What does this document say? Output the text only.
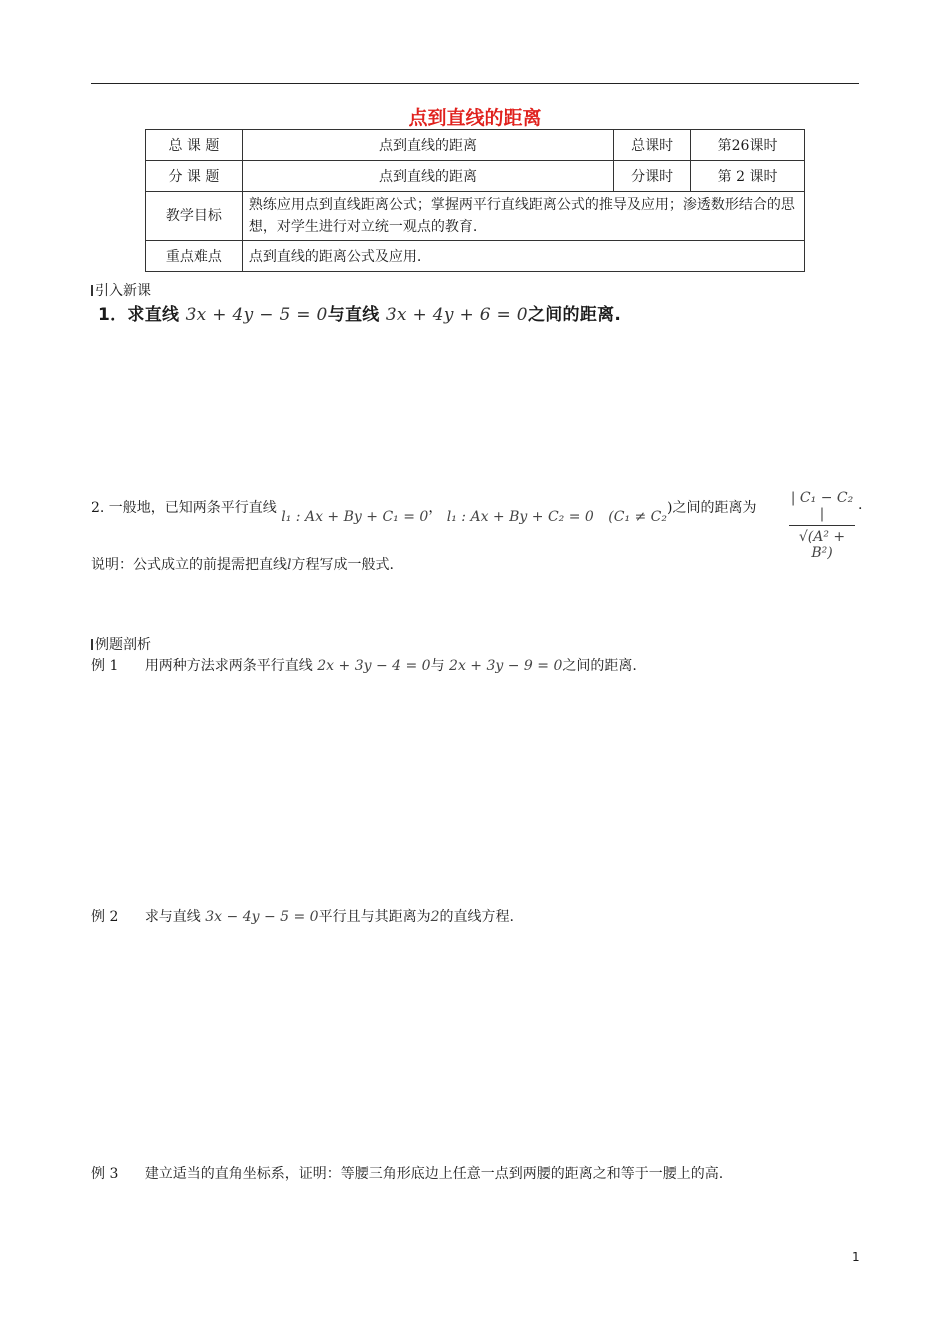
点到直线的距离
总 课 题	点到直线的距离	总课时	第26课时
分 课 题	点到直线的距离	分课时	第 2 课时
教学目标	熟练应用点到直线距离公式；掌握两平行直线距离公式的推导及应用；渗透数形结合的思想，对学生进行对立统一观点的教育.		
重点难点	点到直线的距离公式及应用.		
引入新课
1．求直线 3x + 4y − 5 = 0与直线 3x + 4y + 6 = 0之间的距离.
2. 一般地，已知两条平行直线 l₁ : Ax + By + C₁ = 0， l₁ : Ax + By + C₂ = 0 (C₁ ≠ C₂)之间的距离为 $\frac{\text{| C₁ − C₂ |}}{\text{√(A² + B²)}}$ .
说明：公式成立的前提需把直线l方程写成一般式.
例题剖析
例 1 用两种方法求两条平行直线 2x + 3y − 4 = 0与 2x + 3y − 9 = 0之间的距离.
例 2 求与直线 3x − 4y − 5 = 0平行且与其距离为2的直线方程.
例 3 建立适当的直角坐标系，证明：等腰三角形底边上任意一点到两腰的距离之和等于一腰上的高.
1
